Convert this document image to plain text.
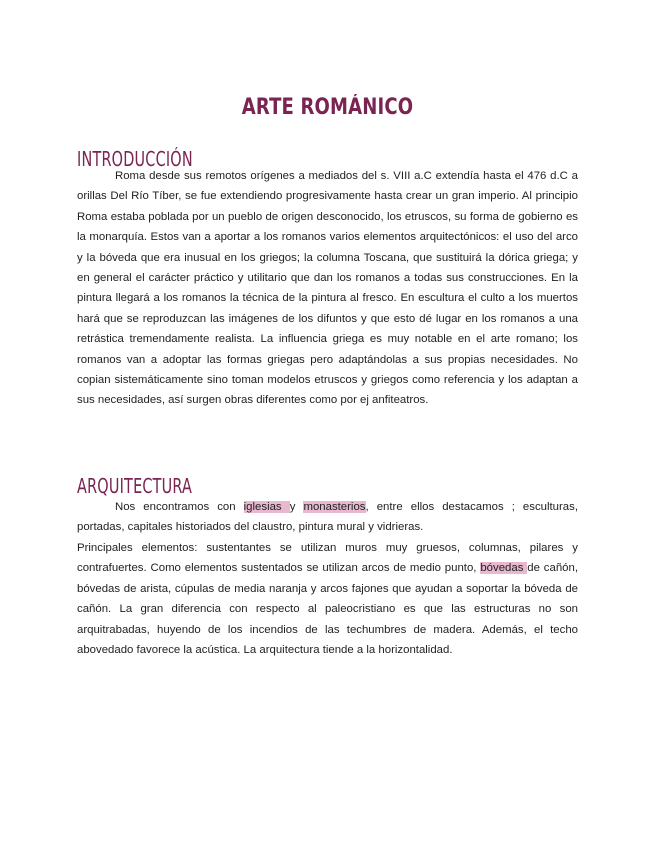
ARTE ROMÁNICO
INTRODUCCIÓN

Roma desde sus remotos orígenes a mediados del s. VIII a.C extendía hasta el 476 d.C a orillas Del Río Tíber, se fue extendiendo progresivamente hasta crear un gran imperio. Al principio Roma estaba poblada por un pueblo de origen desconocido, los etruscos, su forma de gobierno es la monarquía. Estos van a aportar a los romanos varios elementos arquitectónicos: el uso del arco y la bóveda que era inusual en los griegos; la columna Toscana, que sustituirá la dórica griega; y en general el carácter práctico y utilitario que dan los romanos a todas sus construcciones. En la pintura llegará a los romanos la técnica de la pintura al fresco. En escultura el culto a los muertos hará que se reproduzcan las imágenes de los difuntos y que esto dé lugar en los romanos a una retrástica tremendamente realista. La influencia griega es muy notable en el arte romano; los romanos van a adoptar las formas griegas pero adaptándolas a sus propias necesidades. No copian sistemáticamente sino toman modelos etruscos y griegos como referencia y los adaptan a sus necesidades, así surgen obras diferentes como por ej anfiteatros.

ARQUITECTURA

Nos encontramos con iglesias y monasterios, entre ellos destacamos ; esculturas, portadas, capitales historiados del claustro, pintura mural y vidrieras.

Principales elementos: sustentantes se utilizan muros muy gruesos, columnas, pilares y contrafuertes. Como elementos sustentados se utilizan arcos de medio punto, bóvedas de cañón, bóvedas de arista, cúpulas de media naranja y arcos fajones que ayudan a soportar la bóveda de cañón. La gran diferencia con respecto al paleocristiano es que las estructuras no son arquitrabadas, huyendo de los incendios de las techumbres de madera. Además, el techo abovedado favorece la acústica. La arquitectura tiende a la horizontalidad.
